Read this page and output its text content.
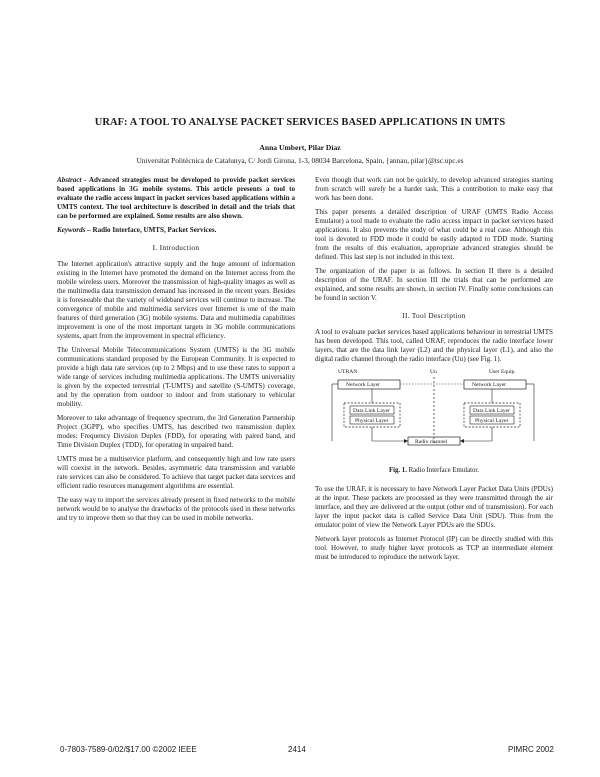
URAF: A TOOL TO ANALYSE PACKET SERVICES BASED APPLICATIONS IN UMTS
Anna Umbert, Pilar Díaz
Universitat Politècnica de Catalunya, C/ Jordi Girona, 1-3, 08034 Barcelona, Spain, {annau, pilar}@tsc.upc.es

Abstract - Advanced strategies must be developed to provide packet services based applications in 3G mobile systems. This article presents a tool to evaluate the radio access impact in packet services based applications within a UMTS context. The tool architecture is described in detail and the trials that can be performed are explained. Some results are also shown.

Keywords – Radio Interface, UMTS, Packet Services.

I. Introduction

The Internet application's attractive supply and the huge amount of information existing in the Internet have promoted the demand on the Internet access from the mobile wireless users. Moreover the transmission of high-quality images as well as the multimedia data transmission demand has increased in the recent years. Besides it is foreseeable that the variety of wideband services will continue to increase. The convergence of mobile and multimedia services over Internet is one of the main features of third generation (3G) mobile systems. Data and multimedia capabilities improvement is one of the most important targets in 3G mobile communications systems, apart from the improvement in spectral efficiency.

The Universal Mobile Telecommunications System (UMTS) is the 3G mobile communications standard proposed by the European Community. It is expected to provide a high data rate services (up to 2 Mbps) and to use these rates to support a wide range of services including multimedia applications. The UMTS universality is given by the expected terrestrial (T-UMTS) and satellite (S-UMTS) coverage, and by the operation from outdoor to indoor and from stationary to vehicular mobility.

Moreover to take advantage of frequency spectrum, the 3rd Generation Partnership Project (3GPP), who specifies UMTS, has described two transmission duplex modes: Frequency Division Duplex (FDD), for operating with paired band, and Time Division Duplex (TDD), for operating in unpaired band.

UMTS must be a multiservice platform, and consequently high and low rate users will coexist in the network. Besides, asymmetric data transmission and variable rate services can also be considered. To achieve that target packet data services and efficient radio resources management algorithms are essential.

The easy way to import the services already present in fixed networks to the mobile network would be to analyse the drawbacks of the protocols used in these networks and try to improve them so that they can be used in mobile networks.

Even though that work can not be quickly, to develop advanced strategies starting from scratch will surely be a harder task. This a contribution to make easy that work has been done.

This paper presents a detailed description of URAF (UMTS Radio Access Emulator) a tool made to evaluate the radio access impact in packet services based applications. It also prevents the study of what could be a real case. Although this tool is devoted to FDD mode it could be easily adapted to TDD mode. Starting from the results of this evaluation, appropriate advanced strategies should be defined. This last step is not included in this text.

The organization of the paper is as follows. In section II there is a detailed description of the URAF. In section III the trials that can be performed are explained, and some results are shown, in section IV. Finally some conclusions can be found in section V.

II. Tool Description

A tool to evaluate packet services based applications behaviour in terrestrial UMTS has been developed. This tool, called URAF, reproduces the radio interface lower layers, that are the data link layer (L2) and the physical layer (L1), and also the digital radio channel through the radio interface (Uu) (see Fig. 1).

UTRAN	Uu	User Equip.
Network Layer	Network Layer
Data Link Layer
Physical Layer
Data Link Layer
Physical Layer
Radio channel
Fig. 1. Radio Interface Emulator.

To use the URAF, it is necessary to have Network Layer Packet Data Units (PDUs) at the input. These packets are processed as they were transmitted through the air interface, and they are delivered at the output (other end of transmission). For each layer the input packet data is called Service Data Unit (SDU). Thus from the emulator point of view the Network Layer PDUs are the SDUs.

Network layer protocols as Internet Protocol (IP) can be directly studied with this tool. However, to study higher layer protocols as TCP an intermediate element must be introduced to reproduce the network layer.

0-7803-7589-0/02/$17.00 ©2002 IEEE	2414	PIMRC 2002
